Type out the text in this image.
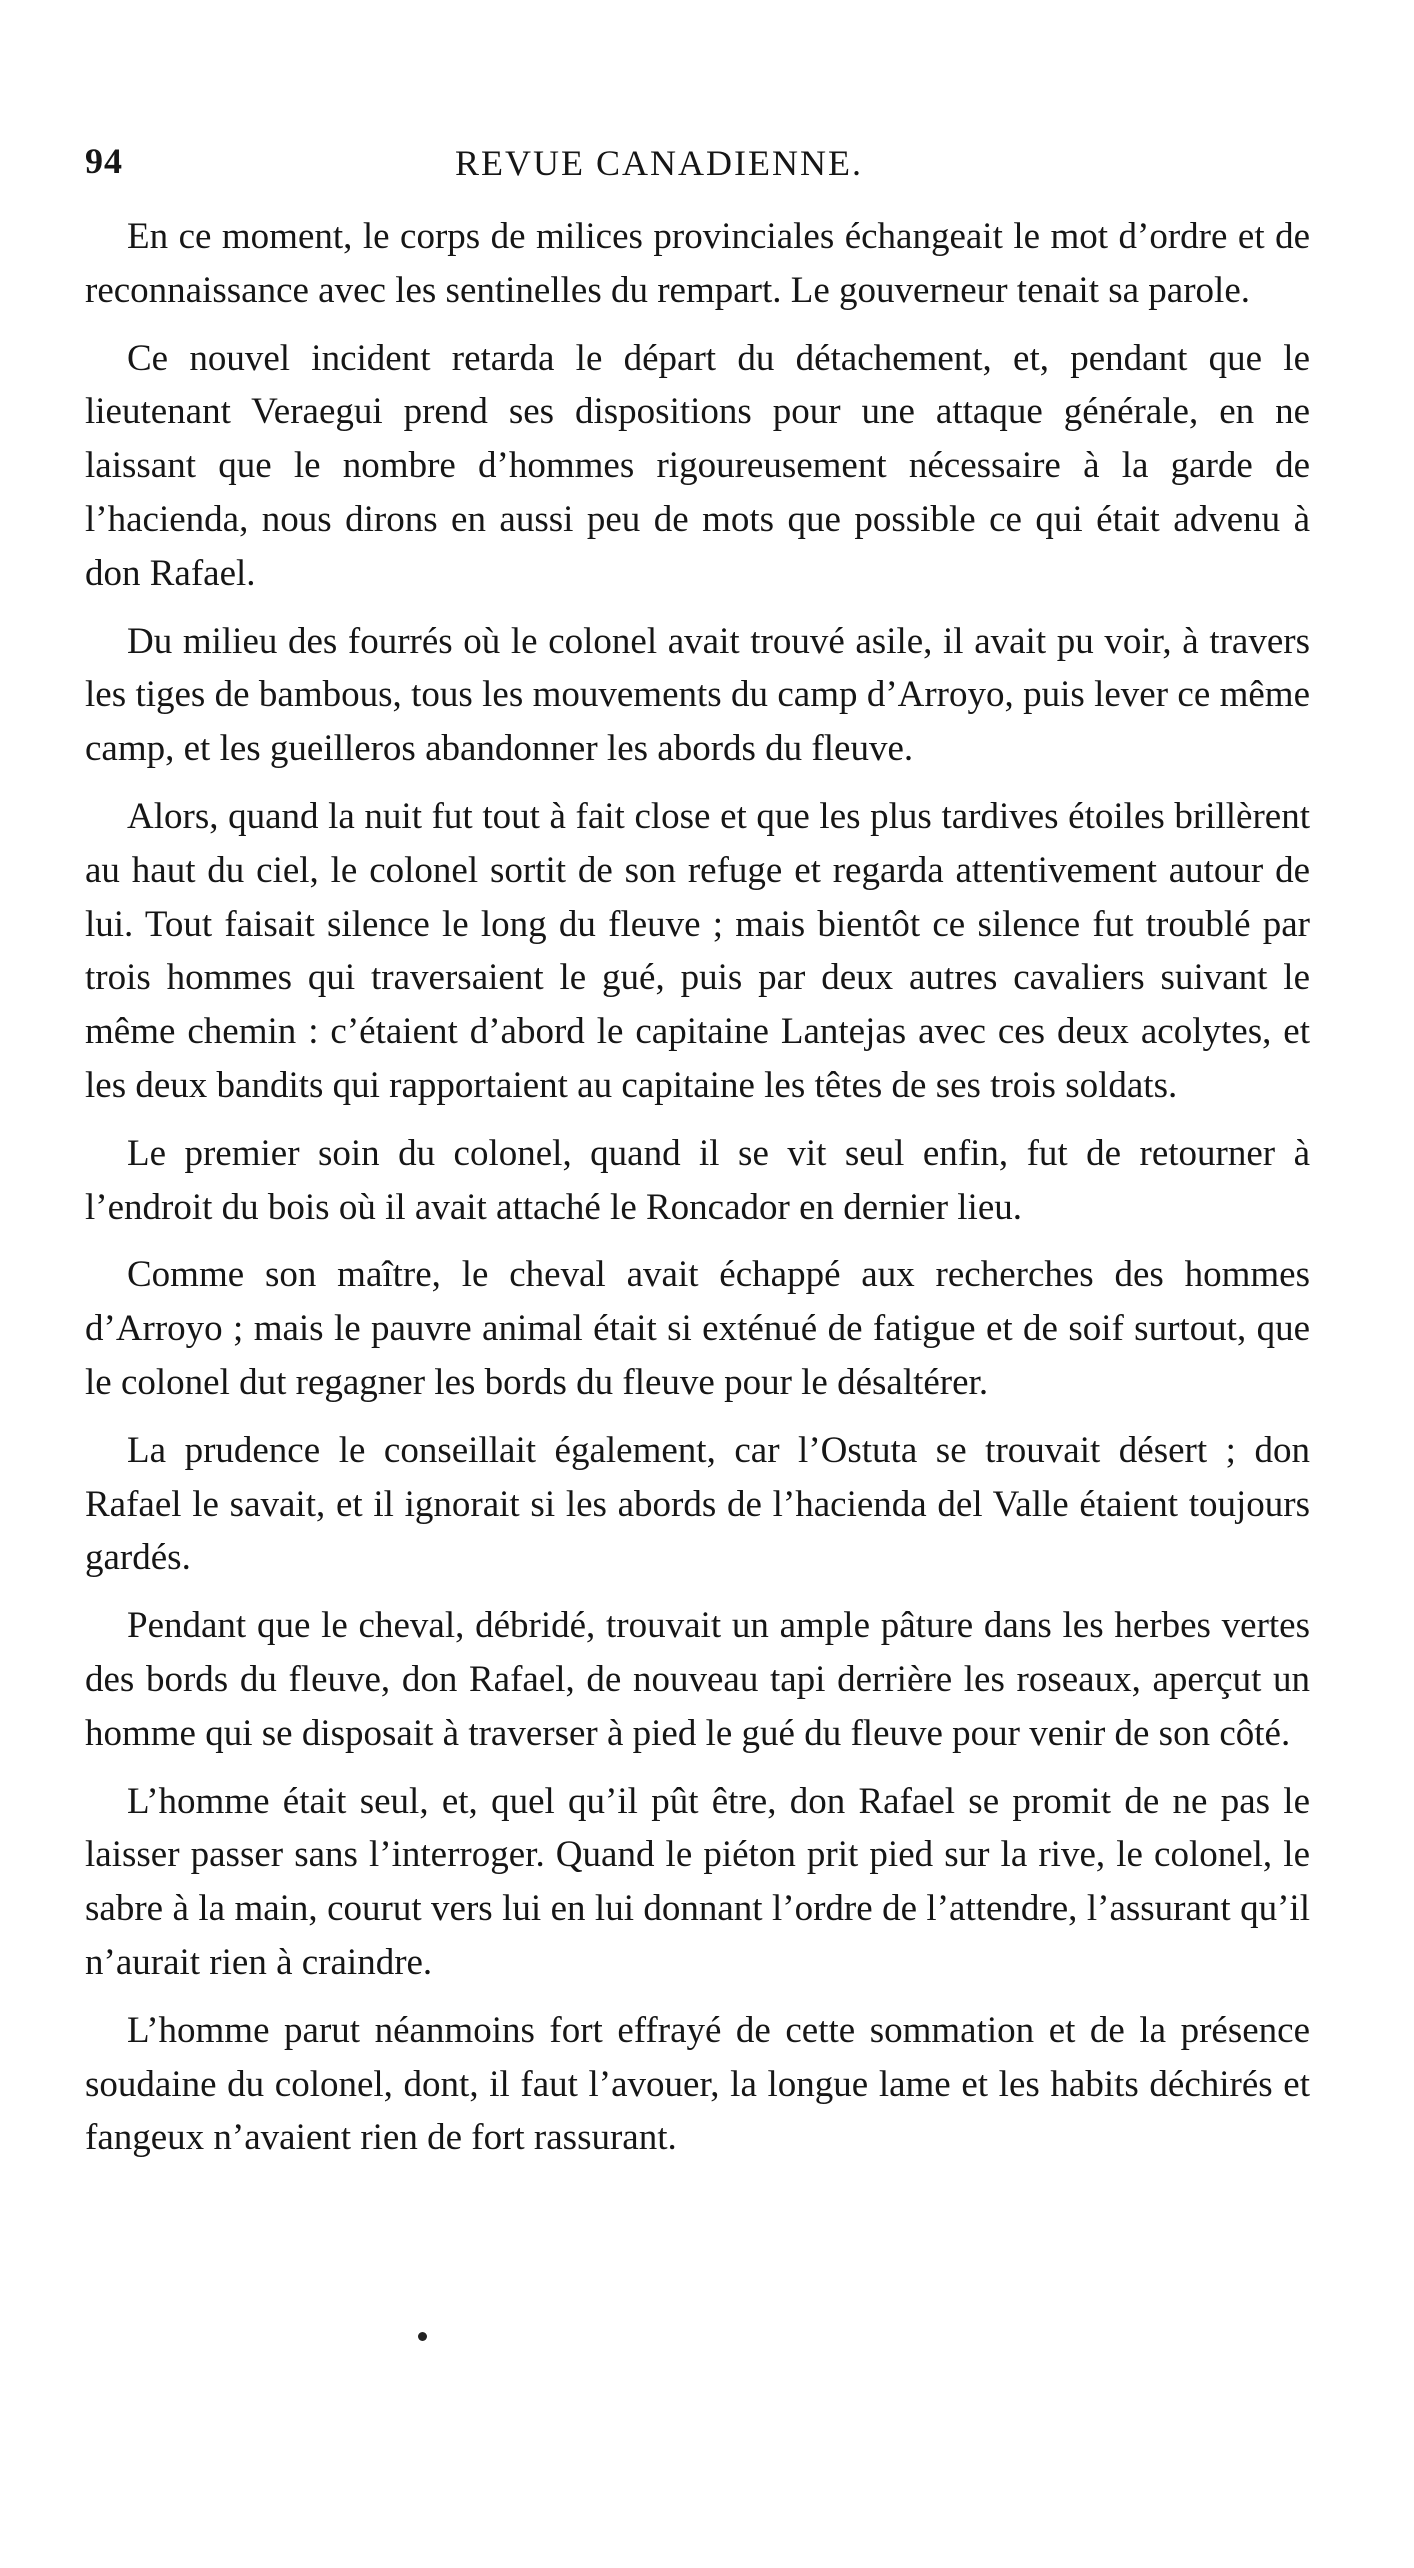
94	REVUE CANADIENNE.

En ce moment, le corps de milices provinciales échangeait le mot d’ordre et de reconnaissance avec les sentinelles du rempart. Le gouverneur tenait sa parole.

Ce nouvel incident retarda le départ du détachement, et, pendant que le lieutenant Veraegui prend ses dispositions pour une attaque générale, en ne laissant que le nombre d’hommes rigoureusement nécessaire à la garde de l’hacienda, nous dirons en aussi peu de mots que possible ce qui était advenu à don Rafael.

Du milieu des fourrés où le colonel avait trouvé asile, il avait pu voir, à travers les tiges de bambous, tous les mouvements du camp d’Arroyo, puis lever ce même camp, et les gueilleros abandonner les abords du fleuve.

Alors, quand la nuit fut tout à fait close et que les plus tardives étoiles brillèrent au haut du ciel, le colonel sortit de son refuge et regarda attentivement autour de lui. Tout faisait silence le long du fleuve ; mais bientôt ce silence fut troublé par trois hommes qui traversaient le gué, puis par deux autres cavaliers suivant le même chemin : c’étaient d’abord le capitaine Lantejas avec ces deux acolytes, et les deux bandits qui rapportaient au capitaine les têtes de ses trois soldats.

Le premier soin du colonel, quand il se vit seul enfin, fut de retourner à l’endroit du bois où il avait attaché le Roncador en dernier lieu.

Comme son maître, le cheval avait échappé aux recherches des hommes d’Arroyo ; mais le pauvre animal était si exténué de fatigue et de soif surtout, que le colonel dut regagner les bords du fleuve pour le désaltérer.

La prudence le conseillait également, car l’Ostuta se trouvait désert ; don Rafael le savait, et il ignorait si les abords de l’hacienda del Valle étaient toujours gardés.

Pendant que le cheval, débridé, trouvait un ample pâture dans les herbes vertes des bords du fleuve, don Rafael, de nouveau tapi derrière les roseaux, aperçut un homme qui se disposait à traverser à pied le gué du fleuve pour venir de son côté.

L’homme était seul, et, quel qu’il pût être, don Rafael se promit de ne pas le laisser passer sans l’interroger. Quand le piéton prit pied sur la rive, le colonel, le sabre à la main, courut vers lui en lui donnant l’ordre de l’attendre, l’assurant qu’il n’aurait rien à craindre.

L’homme parut néanmoins fort effrayé de cette sommation et de la présence soudaine du colonel, dont, il faut l’avouer, la longue lame et les habits déchirés et fangeux n’avaient rien de fort rassurant.
